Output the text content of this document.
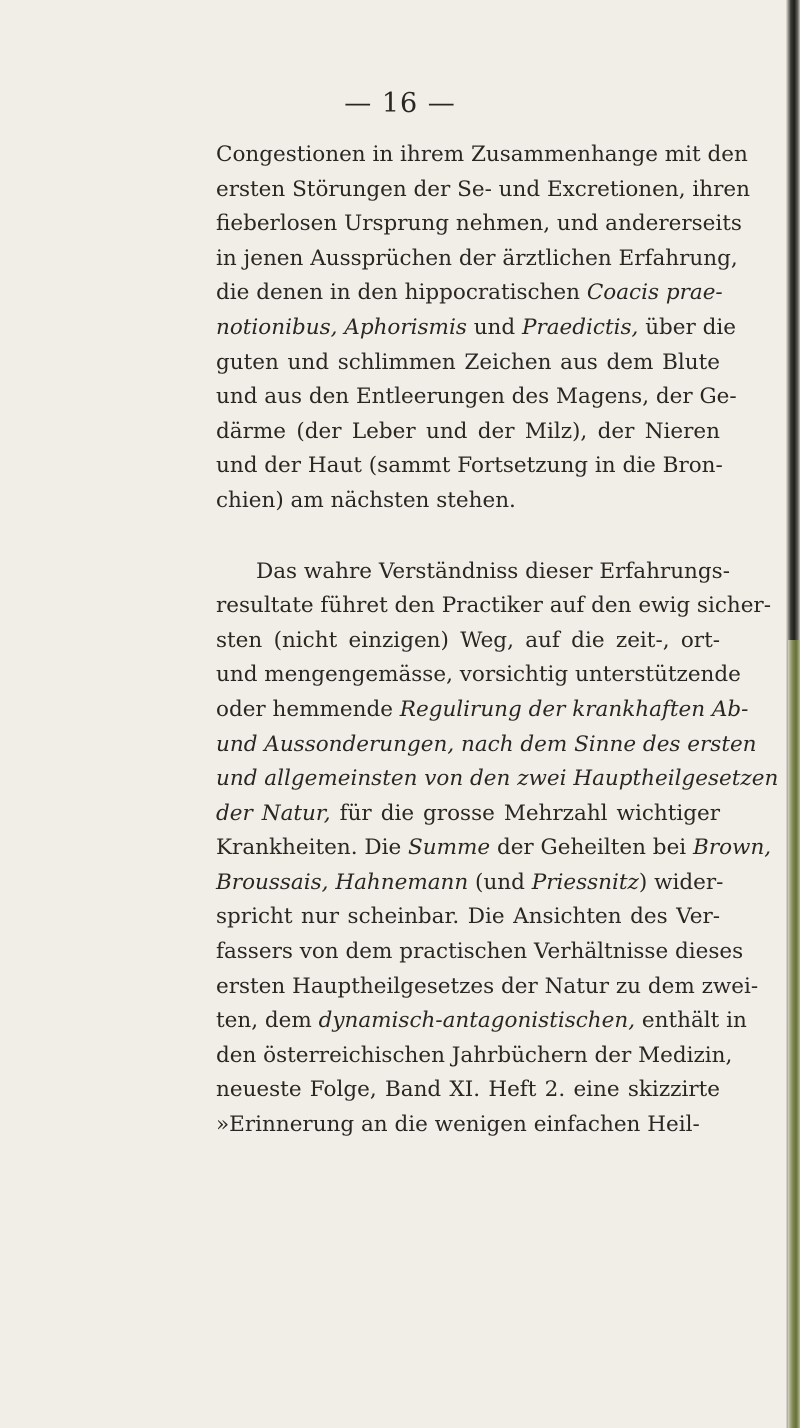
— 16 —
Congestionen in ihrem Zusammenhange mit den
ersten Störungen der Se- und Excretionen, ihren
fieberlosen Ursprung nehmen, und andererseits
in jenen Aussprüchen der ärztlichen Erfahrung,
die denen in den hippocratischen Coacis prae-
notionibus, Aphorismis und Praedictis, über die
guten und schlimmen Zeichen aus dem Blute
und aus den Entleerungen des Magens, der Ge-
därme (der Leber und der Milz), der Nieren
und der Haut (sammt Fortsetzung in die Bron-
chien) am nächsten stehen.
Das wahre Verständniss dieser Erfahrungs-
resultate führet den Practiker auf den ewig sicher-
sten (nicht einzigen) Weg, auf die zeit-, ort-
und mengengemässe, vorsichtig unterstützende
oder hemmende Regulirung der krankhaften Ab-
und Aussonderungen, nach dem Sinne des ersten
und allgemeinsten von den zwei Hauptheilgesetzen
der Natur, für die grosse Mehrzahl wichtiger
Krankheiten. Die Summe der Geheilten bei Brown,
Broussais, Hahnemann (und Priessnitz) wider-
spricht nur scheinbar. Die Ansichten des Ver-
fassers von dem practischen Verhältnisse dieses
ersten Hauptheilgesetzes der Natur zu dem zwei-
ten, dem dynamisch-antagonistischen, enthält in
den österreichischen Jahrbüchern der Medizin,
neueste Folge, Band XI. Heft 2. eine skizzirte
»Erinnerung an die wenigen einfachen Heil-
